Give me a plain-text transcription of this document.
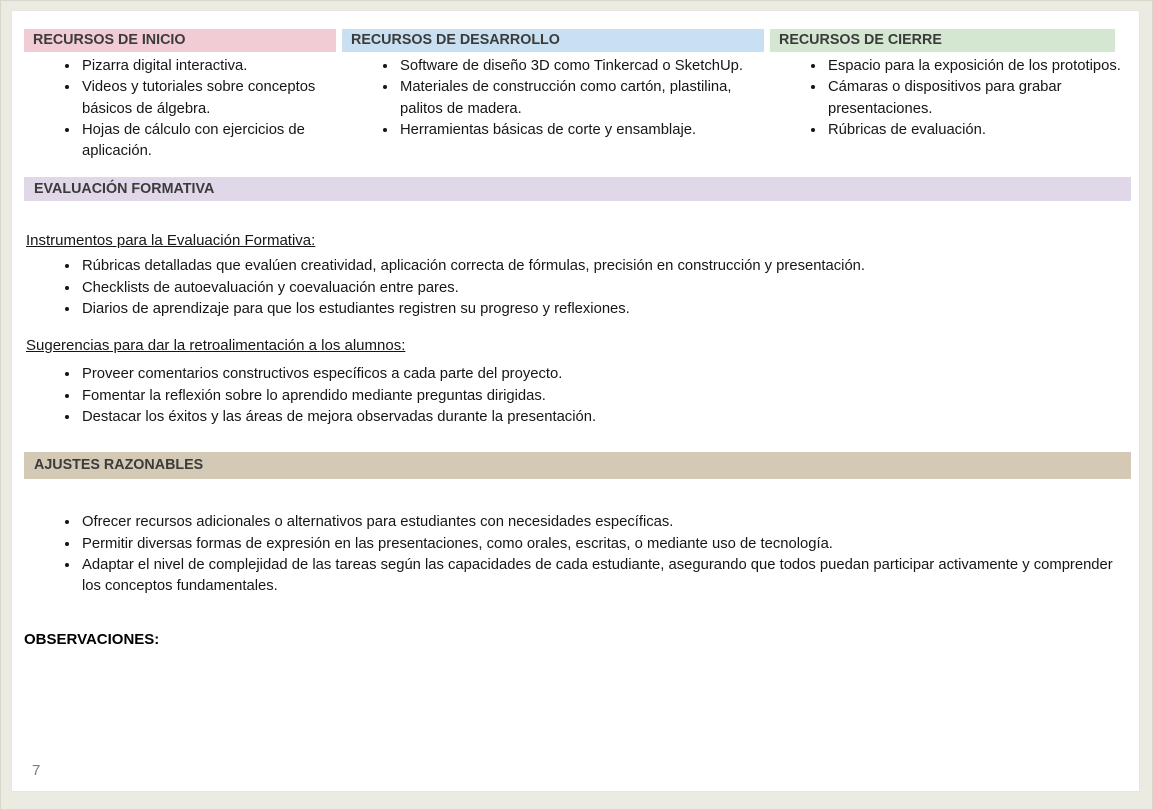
RECURSOS DE INICIO
• Pizarra digital interactiva.
• Videos y tutoriales sobre conceptos básicos de álgebra.
• Hojas de cálculo con ejercicios de aplicación.
RECURSOS DE DESARROLLO
• Software de diseño 3D como Tinkercad o SketchUp.
• Materiales de construcción como cartón, plastilina, palitos de madera.
• Herramientas básicas de corte y ensamblaje.
RECURSOS DE CIERRE
• Espacio para la exposición de los prototipos.
• Cámaras o dispositivos para grabar presentaciones.
• Rúbricas de evaluación.
EVALUACIÓN FORMATIVA
Instrumentos para la Evaluación Formativa:
• Rúbricas detalladas que evalúen creatividad, aplicación correcta de fórmulas, precisión en construcción y presentación.
• Checklists de autoevaluación y coevaluación entre pares.
• Diarios de aprendizaje para que los estudiantes registren su progreso y reflexiones.
Sugerencias para dar la retroalimentación a los alumnos:
• Proveer comentarios constructivos específicos a cada parte del proyecto.
• Fomentar la reflexión sobre lo aprendido mediante preguntas dirigidas.
• Destacar los éxitos y las áreas de mejora observadas durante la presentación.
AJUSTES RAZONABLES
• Ofrecer recursos adicionales o alternativos para estudiantes con necesidades específicas.
• Permitir diversas formas de expresión en las presentaciones, como orales, escritas, o mediante uso de tecnología.
• Adaptar el nivel de complejidad de las tareas según las capacidades de cada estudiante, asegurando que todos puedan participar activamente y comprender los conceptos fundamentales.
OBSERVACIONES:
7
